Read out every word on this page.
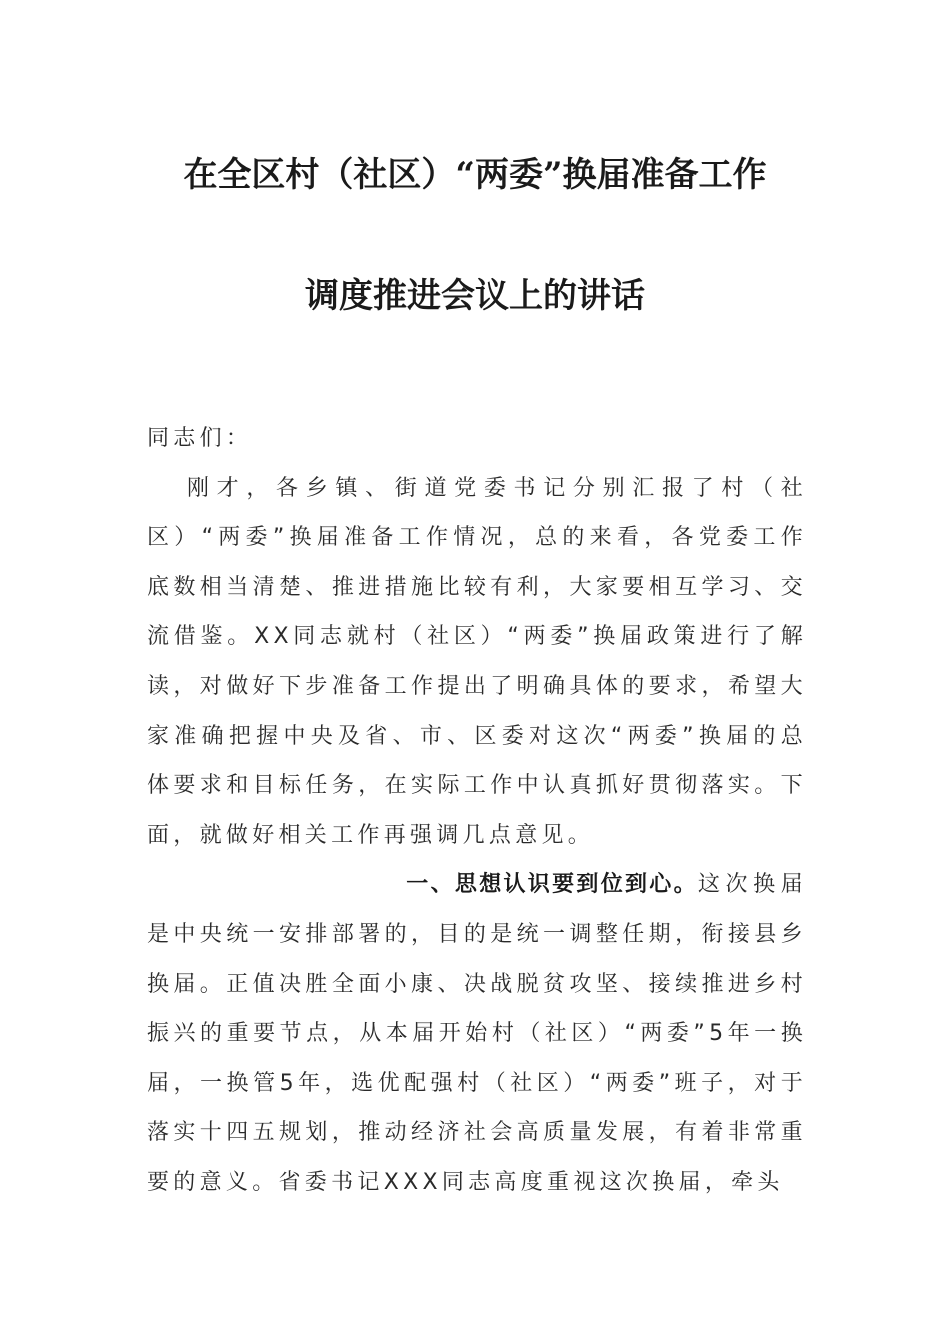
在全区村（社区）“两委”换届准备工作
调度推进会议上的讲话

同志们：

刚才，各乡镇、街道党委书记分别汇报了村（社区）“两委”换届准备工作情况，总的来看，各党委工作底数相当清楚、推进措施比较有利，大家要相互学习、交流借鉴。XX同志就村（社区）“两委”换届政策进行了解读，对做好下步准备工作提出了明确具体的要求，希望大家准确把握中央及省、市、区委对这次“两委”换届的总体要求和目标任务，在实际工作中认真抓好贯彻落实。下面，就做好相关工作再强调几点意见。

一、思想认识要到位到心。这次换届是中央统一安排部署的，目的是统一调整任期，衔接县乡换届。正值决胜全面小康、决战脱贫攻坚、接续推进乡村振兴的重要节点，从本届开始村（社区）“两委”5年一换届，一换管5年，选优配强村（社区）“两委”班子，对于落实十四五规划，推动经济社会高质量发展，有着非常重要的意义。省委书记XXX同志高度重视这次换届，牵头
